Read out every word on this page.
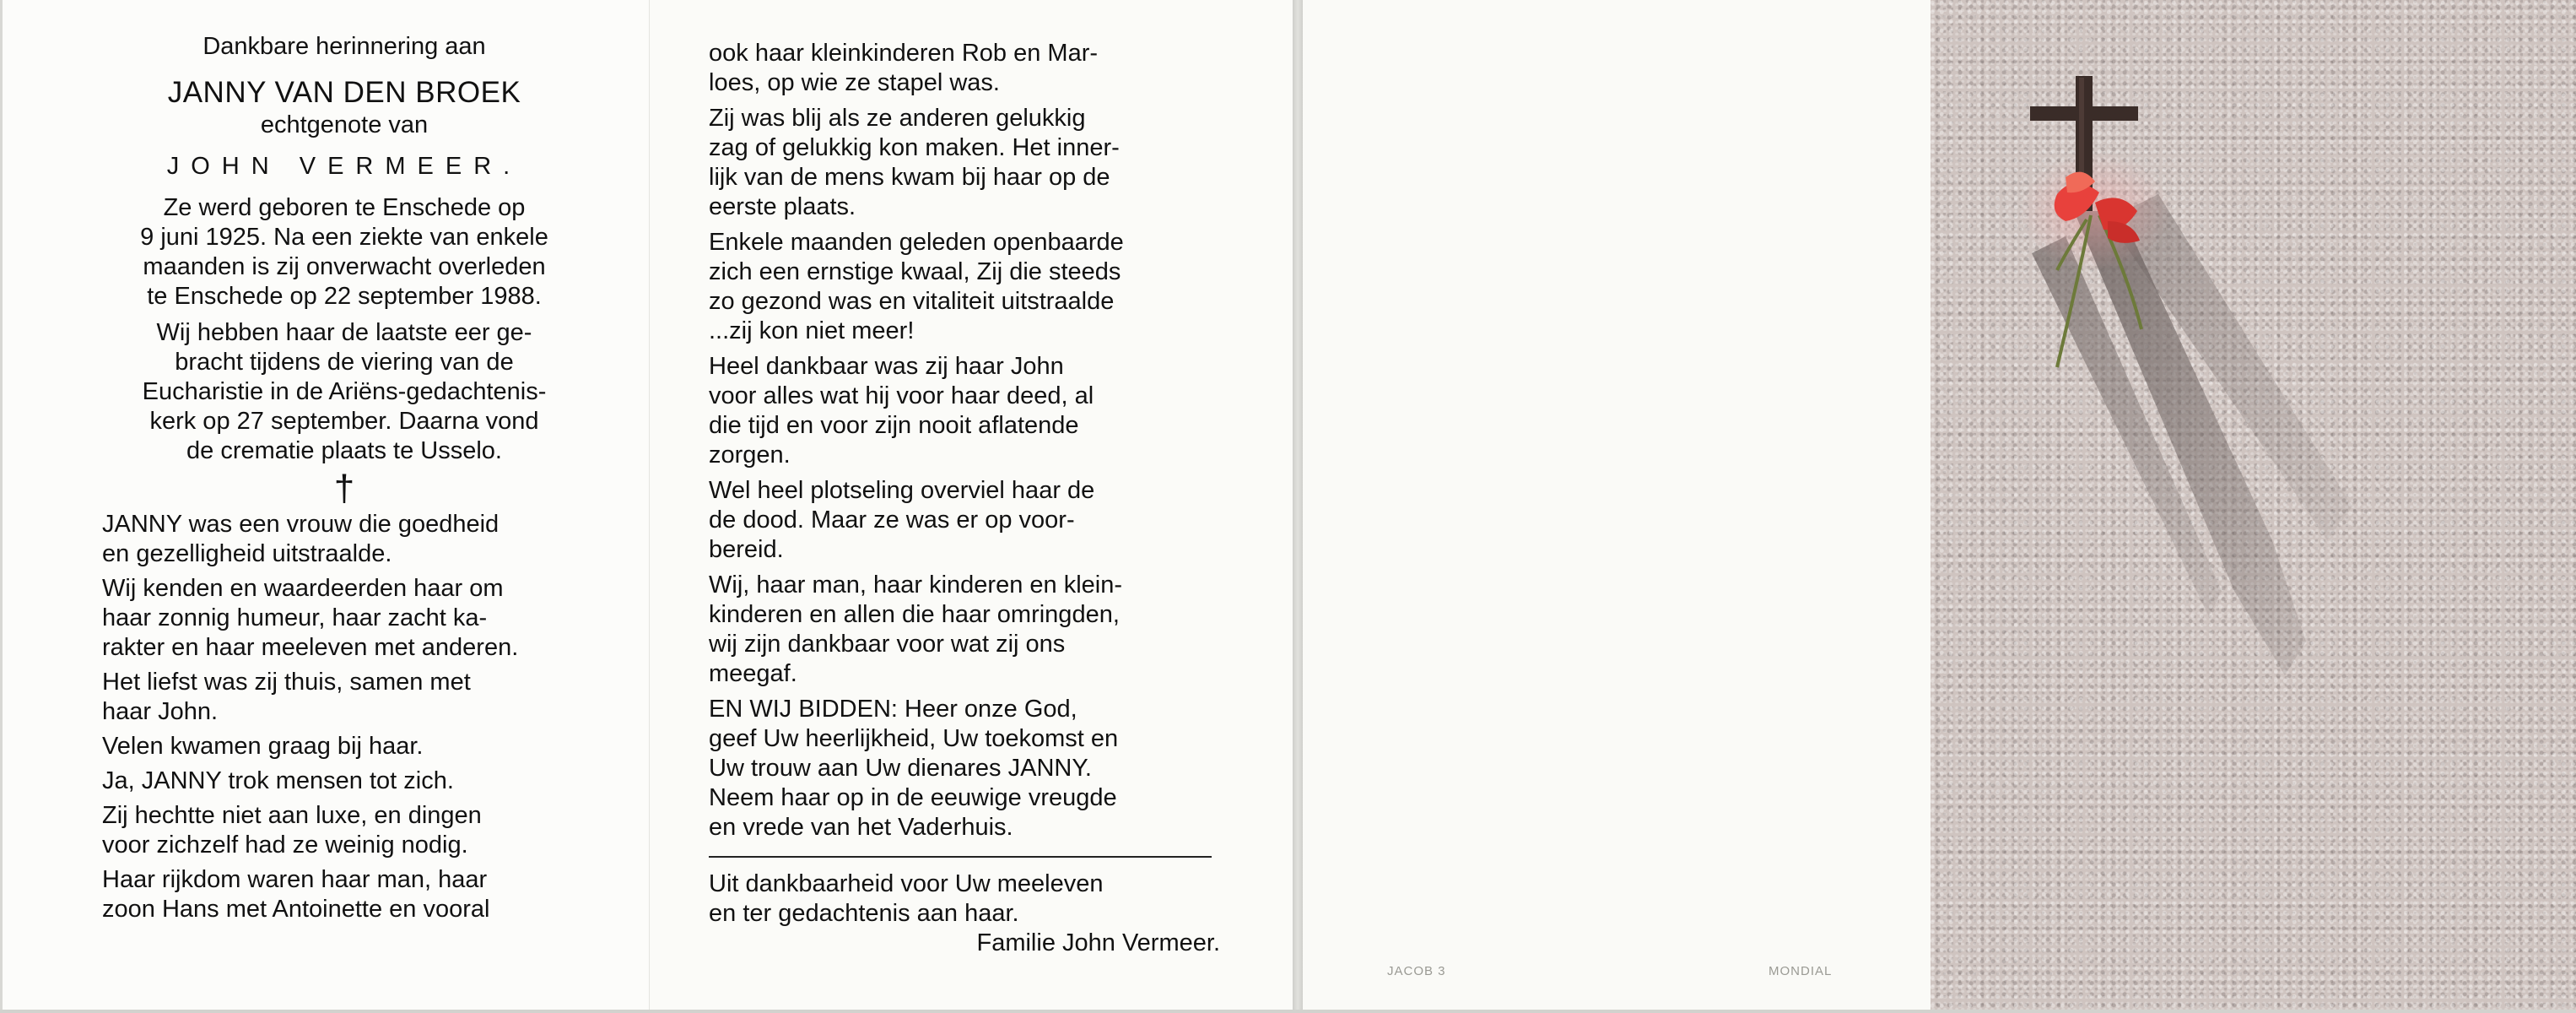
Dankbare herinnering aan
JANNY VAN DEN BROEK
echtgenote van
JOHN VERMEER.
Ze werd geboren te Enschede op
9 juni 1925. Na een ziekte van enkele
maanden is zij onverwacht overleden
te Enschede op 22 september 1988.
Wij hebben haar de laatste eer ge-
bracht tijdens de viering van de
Eucharistie in de Ariëns-gedachtenis-
kerk op 27 september. Daarna vond
de crematie plaats te Usselo.
†
JANNY was een vrouw die goedheid
en gezelligheid uitstraalde.
Wij kenden en waardeerden haar om
haar zonnig humeur, haar zacht ka-
rakter en haar meeleven met anderen.
Het liefst was zij thuis, samen met
haar John.
Velen kwamen graag bij haar.
Ja, JANNY trok mensen tot zich.
Zij hechtte niet aan luxe, en dingen
voor zichzelf had ze weinig nodig.
Haar rijkdom waren haar man, haar
zoon Hans met Antoinette en vooral
ook haar kleinkinderen Rob en Mar-
loes, op wie ze stapel was.
Zij was blij als ze anderen gelukkig
zag of gelukkig kon maken. Het inner-
lijk van de mens kwam bij haar op de
eerste plaats.
Enkele maanden geleden openbaarde
zich een ernstige kwaal, Zij die steeds
zo gezond was en vitaliteit uitstraalde
...zij kon niet meer!
Heel dankbaar was zij haar John
voor alles wat hij voor haar deed, al
die tijd en voor zijn nooit aflatende
zorgen.
Wel heel plotseling overviel haar de
de dood. Maar ze was er op voor-
bereid.
Wij, haar man, haar kinderen en klein-
kinderen en allen die haar omringden,
wij zijn dankbaar voor wat zij ons
meegaf.
EN WIJ BIDDEN: Heer onze God,
geef Uw heerlijkheid, Uw toekomst en
Uw trouw aan Uw dienares JANNY.
Neem haar op in de eeuwige vreugde
en vrede van het Vaderhuis.
Uit dankbaarheid voor Uw meeleven
en ter gedachtenis aan haar.
Familie John Vermeer.
JACOB 3	MONDIAL
